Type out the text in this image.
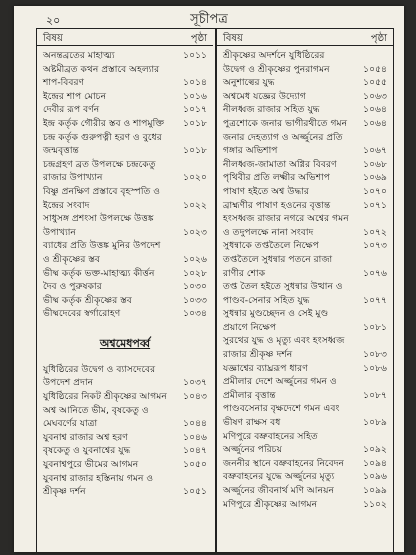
২০	সূচীপত্র
বিষয়	পৃষ্ঠা
অনন্তব্রতের মাহাত্ম্য	১০১১
অষ্টমীব্রত কথন প্রস্তাবে অহল্যার শাপ-বিবরণ	১০১৪
ইন্দ্রের শাপ মোচন	১০১৬
দেবীর রূপ বর্ণন	১০১৭
ইন্দ্র কর্তৃক গৌরীর স্তব ও শাপমুক্তি ১০১৮
চন্দ্র কর্তৃক গুরুপত্নী হরণ ও বুধের জন্মবৃত্তান্ত	১০১৮
চন্দ্রগ্রহণ ব্রত উপলক্ষে চন্দ্রকেতু রাজার উপাখ্যান	১০২০
বিষ্ণু প্রনক্ষিণ প্রস্তাবে বৃহস্পতি ও ইন্দ্রের সংবাদ	১০২২
সাধুসঙ্গ প্রশংসা উপলক্ষে উত্তঙ্ক উপাখ্যান	১০২৩
ব্যাধের প্রতি উত্তঙ্ক মুনির উপদেশ ও শ্রীকৃষ্ণের স্তব	১০২৬
ভীষ্ম কর্তৃক ভক্ত-মাহাত্ম্য কীর্ত্তন	১০২৮
দৈব ও পুরুষকার	১০৩০
ভীষ্ম কর্তৃক শ্রীকৃষ্ণের স্তব	১০৩৩
ভীষ্মদেবের স্বর্গারোহণ	১০৩৪
অশ্বমেধপর্ব্ব
যুধিষ্ঠিরের উদ্বেগ ও ব্যাসদেবের উপদেশ প্রদান	১০৩৭
যুধিষ্ঠিরের নিকট শ্রীকৃষ্ণের আগমন ১০৪৩
অশ্ব আনিতে ভীম, বৃষকেতু ও মেঘবর্ণের যাত্রা	১০৪৪
যুবনাশ্ব রাজার অশ্ব হরণ	১০৪৬
বৃষকেতু ও যুবনাশ্বের যুদ্ধ	১০৪৭
যুবনাশ্বপুরে ভীমের আগমন	১০৫০
যুবনাশ্ব রাজার হস্তিনায় গমন ও শ্রীকৃষ্ণ দর্শন	১০৫১
বিষয়	পৃষ্ঠা
শ্রীকৃষ্ণের অদর্শনে যুধিষ্ঠিরের উদ্বেগ ও শ্রীকৃষ্ণের পুনরাগমন	১০৫৪
অনুশাল্বের যুদ্ধ	১০৫৫
অশ্বমেধ যজ্ঞের উদ্যোগ	১০৬৩
নীলধ্বজ রাজার সহিত যুদ্ধ	১০৬৪
পুত্রশোকে জনার ভাগীরথীতে গমন ১০৬৪
জনার দেহত্যাগ ও অর্জ্জুনের প্রতি গঙ্গার অভিশাপ	১০৬৭
নীলধ্বজ-জামাতা অগ্নির বিবরণ	১০৬৮
পৃথিবীর প্রতি লক্ষ্মীর অভিশাপ	১০৬৯
পাষাণ হইতে অশ্ব উদ্ধার	১০৭০
ব্রাহ্মণীর পাষাণ হওনের বৃত্তান্ত	১০৭১
হংসধ্বজ রাজার নগরে অশ্বের গমন ও তদুপলক্ষে নানা সংবাদ	১০৭২
সুধন্বাকে তপ্ততৈলে নিক্ষেপ	১০৭৩
তপ্ততৈলে সুধন্বার পতনে রাজা রাণীর শোক	১০৭৬
তপ্ত তৈল হইতে সুধন্বার উত্থান ও পাণ্ডব-সেনার সহিত যুদ্ধ	১০৭৭
সুধন্বার মুণ্ডচ্ছেদন ও সেই মুণ্ড প্রয়াগে নিক্ষেপ	১০৮১
সুরথের যুদ্ধ ও মৃত্যু এবং হংসধ্বজ রাজার শ্রীকৃষ্ণ দর্শন	১০৮৩
যজ্ঞাশ্বের ব্যাঘ্ররূপ ধারণ	১০৮৬
প্রমীলার দেশে অর্জ্জুনের গমন ও প্রমীলার বৃত্তান্ত	১০৮৭
পাণ্ডবসেনার বৃক্ষদেশে গমন এবং ভীষণ রাক্ষস বধ	১০৮৯
মণিপুরে বভ্রুবাহনের সহিত অর্জ্জুনের পরিচয়	১০৯২
জননীর স্থানে বভ্রুবাহনের নিবেদন ১০৯৪
বভ্রুবাহনের যুদ্ধে অর্জ্জুনের মৃত্যু	১০৯৬
অর্জ্জুনের জীবনার্থ মণি আনয়ন	১০৯৯
মণিপুরে শ্রীকৃষ্ণের আগমন	১১০২
